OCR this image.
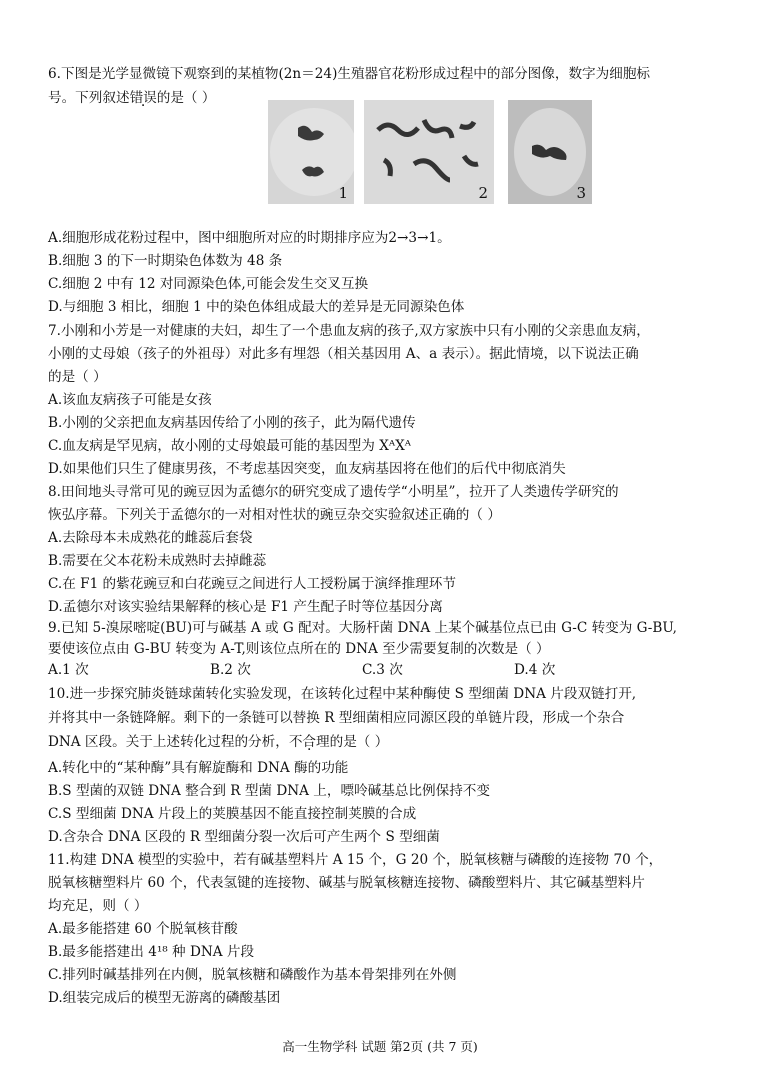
6.下图是光学显微镜下观察到的某植物(2n＝24)生殖器官花粉形成过程中的部分图像，数字为细胞标
号。下列叙述错误的是（ ）
1	2	3
A.细胞形成花粉过程中，图中细胞所对应的时期排序应为2→3→1。
B.细胞 3 的下一时期染色体数为 48 条
C.细胞 2 中有 12 对同源染色体,可能会发生交叉互换
D.与细胞 3 相比，细胞 1 中的染色体组成最大的差异是无同源染色体
7.小刚和小芳是一对健康的夫妇，却生了一个患血友病的孩子,双方家族中只有小刚的父亲患血友病，
小刚的丈母娘（孩子的外祖母）对此多有埋怨（相关基因用 A、a 表示）。据此情境，以下说法正确
的是（ ）
A.该血友病孩子可能是女孩
B.小刚的父亲把血友病基因传给了小刚的孩子，此为隔代遗传
C.血友病是罕见病，故小刚的丈母娘最可能的基因型为 XᴬXᴬ
D.如果他们只生了健康男孩，不考虑基因突变，血友病基因将在他们的后代中彻底消失
8.田间地头寻常可见的豌豆因为孟德尔的研究变成了遗传学“小明星”，拉开了人类遗传学研究的
恢弘序幕。下列关于孟德尔的一对相对性状的豌豆杂交实验叙述正确的（ ）
A.去除母本未成熟花的雌蕊后套袋
B.需要在父本花粉未成熟时去掉雌蕊
C.在 F1 的紫花豌豆和白花豌豆之间进行人工授粉属于演绎推理环节
D.孟德尔对该实验结果解释的核心是 F1 产生配子时等位基因分离
9.已知 5-溴尿嘧啶(BU)可与碱基 A 或 G 配对。大肠杆菌 DNA 上某个碱基位点已由 G-C 转变为 G-BU,
要使该位点由 G-BU 转变为 A-T,则该位点所在的 DNA 至少需要复制的次数是（ ）
A.1 次	B.2 次	C.3 次	D.4 次
10.进一步探究肺炎链球菌转化实验发现，在该转化过程中某种酶使 S 型细菌 DNA 片段双链打开,
并将其中一条链降解。剩下的一条链可以替换 R 型细菌相应同源区段的单链片段，形成一个杂合
DNA 区段。关于上述转化过程的分析，不合理的是（ ）
A.转化中的“某种酶”具有解旋酶和 DNA 酶的功能
B.S 型菌的双链 DNA 整合到 R 型菌 DNA 上，嘌呤碱基总比例保持不变
C.S 型细菌 DNA 片段上的荚膜基因不能直接控制荚膜的合成
D.含杂合 DNA 区段的 R 型细菌分裂一次后可产生两个 S 型细菌
11.构建 DNA 模型的实验中，若有碱基塑料片 A 15 个，G 20 个，脱氧核糖与磷酸的连接物 70 个，
脱氧核糖塑料片 60 个，代表氢键的连接物、碱基与脱氧核糖连接物、磷酸塑料片、其它碱基塑料片
均充足，则（ ）
A.最多能搭建 60 个脱氧核苷酸
B.最多能搭建出 4¹⁸ 种 DNA 片段
C.排列时碱基排列在内侧，脱氧核糖和磷酸作为基本骨架排列在外侧
D.组装完成后的模型无游离的磷酸基团
高一生物学科 试题 第2页 (共 7 页)
